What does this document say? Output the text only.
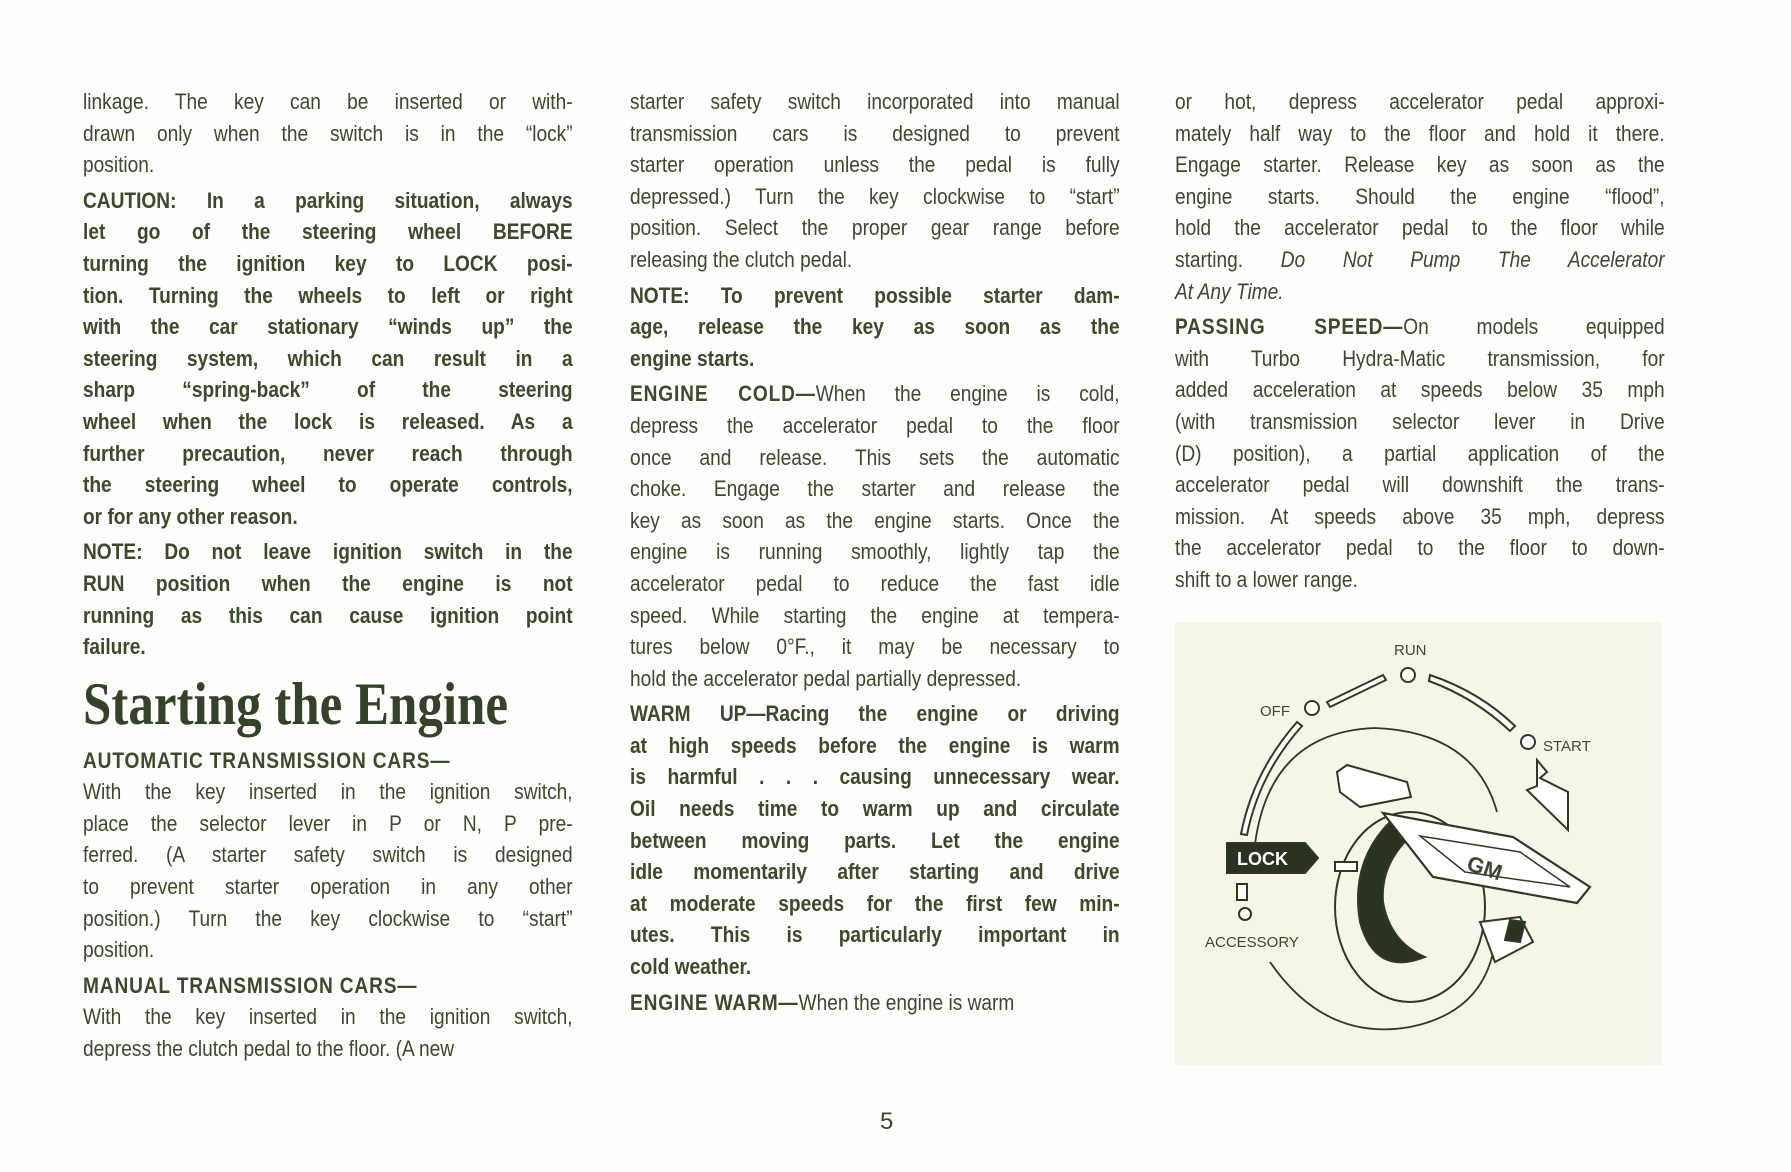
linkage. The key can be inserted or with-
drawn only when the switch is in the “lock”
position.
CAUTION: In a parking situation, always
let go of the steering wheel BEFORE
turning the ignition key to LOCK posi-
tion. Turning the wheels to left or right
with the car stationary “winds up” the
steering system, which can result in a
sharp “spring-back” of the steering
wheel when the lock is released. As a
further precaution, never reach through
the steering wheel to operate controls,
or for any other reason.
NOTE: Do not leave ignition switch in the
RUN position when the engine is not
running as this can cause ignition point
failure.
Starting the Engine
AUTOMATIC TRANSMISSION CARS—
With the key inserted in the ignition switch,
place the selector lever in P or N, P pre-
ferred. (A starter safety switch is designed
to prevent starter operation in any other
position.) Turn the key clockwise to “start”
position.
MANUAL TRANSMISSION CARS—
With the key inserted in the ignition switch,
depress the clutch pedal to the floor. (A new
starter safety switch incorporated into manual
transmission cars is designed to prevent
starter operation unless the pedal is fully
depressed.) Turn the key clockwise to “start”
position. Select the proper gear range before
releasing the clutch pedal.
NOTE: To prevent possible starter dam-
age, release the key as soon as the
engine starts.
ENGINE COLD—When the engine is cold,
depress the accelerator pedal to the floor
once and release. This sets the automatic
choke. Engage the starter and release the
key as soon as the engine starts. Once the
engine is running smoothly, lightly tap the
accelerator pedal to reduce the fast idle
speed. While starting the engine at tempera-
tures below 0°F., it may be necessary to
hold the accelerator pedal partially depressed.
WARM UP—Racing the engine or driving
at high speeds before the engine is warm
is harmful . . . causing unnecessary wear.
Oil needs time to warm up and circulate
between moving parts. Let the engine
idle momentarily after starting and drive
at moderate speeds for the first few min-
utes. This is particularly important in
cold weather.
ENGINE WARM—When the engine is warm
or hot, depress accelerator pedal approxi-
mately half way to the floor and hold it there.
Engage starter. Release key as soon as the
engine starts. Should the engine “flood”,
hold the accelerator pedal to the floor while
starting. Do Not Pump The Accelerator
At Any Time.
PASSING SPEED—On models equipped
with Turbo Hydra-Matic transmission, for
added acceleration at speeds below 35 mph
(with transmission selector lever in Drive
(D) position), a partial application of the
accelerator pedal will downshift the trans-
mission. At speeds above 35 mph, depress
the accelerator pedal to the floor to down-
shift to a lower range.
RUN
OFF
START
LOCK
ACCESSORY
GM
5
